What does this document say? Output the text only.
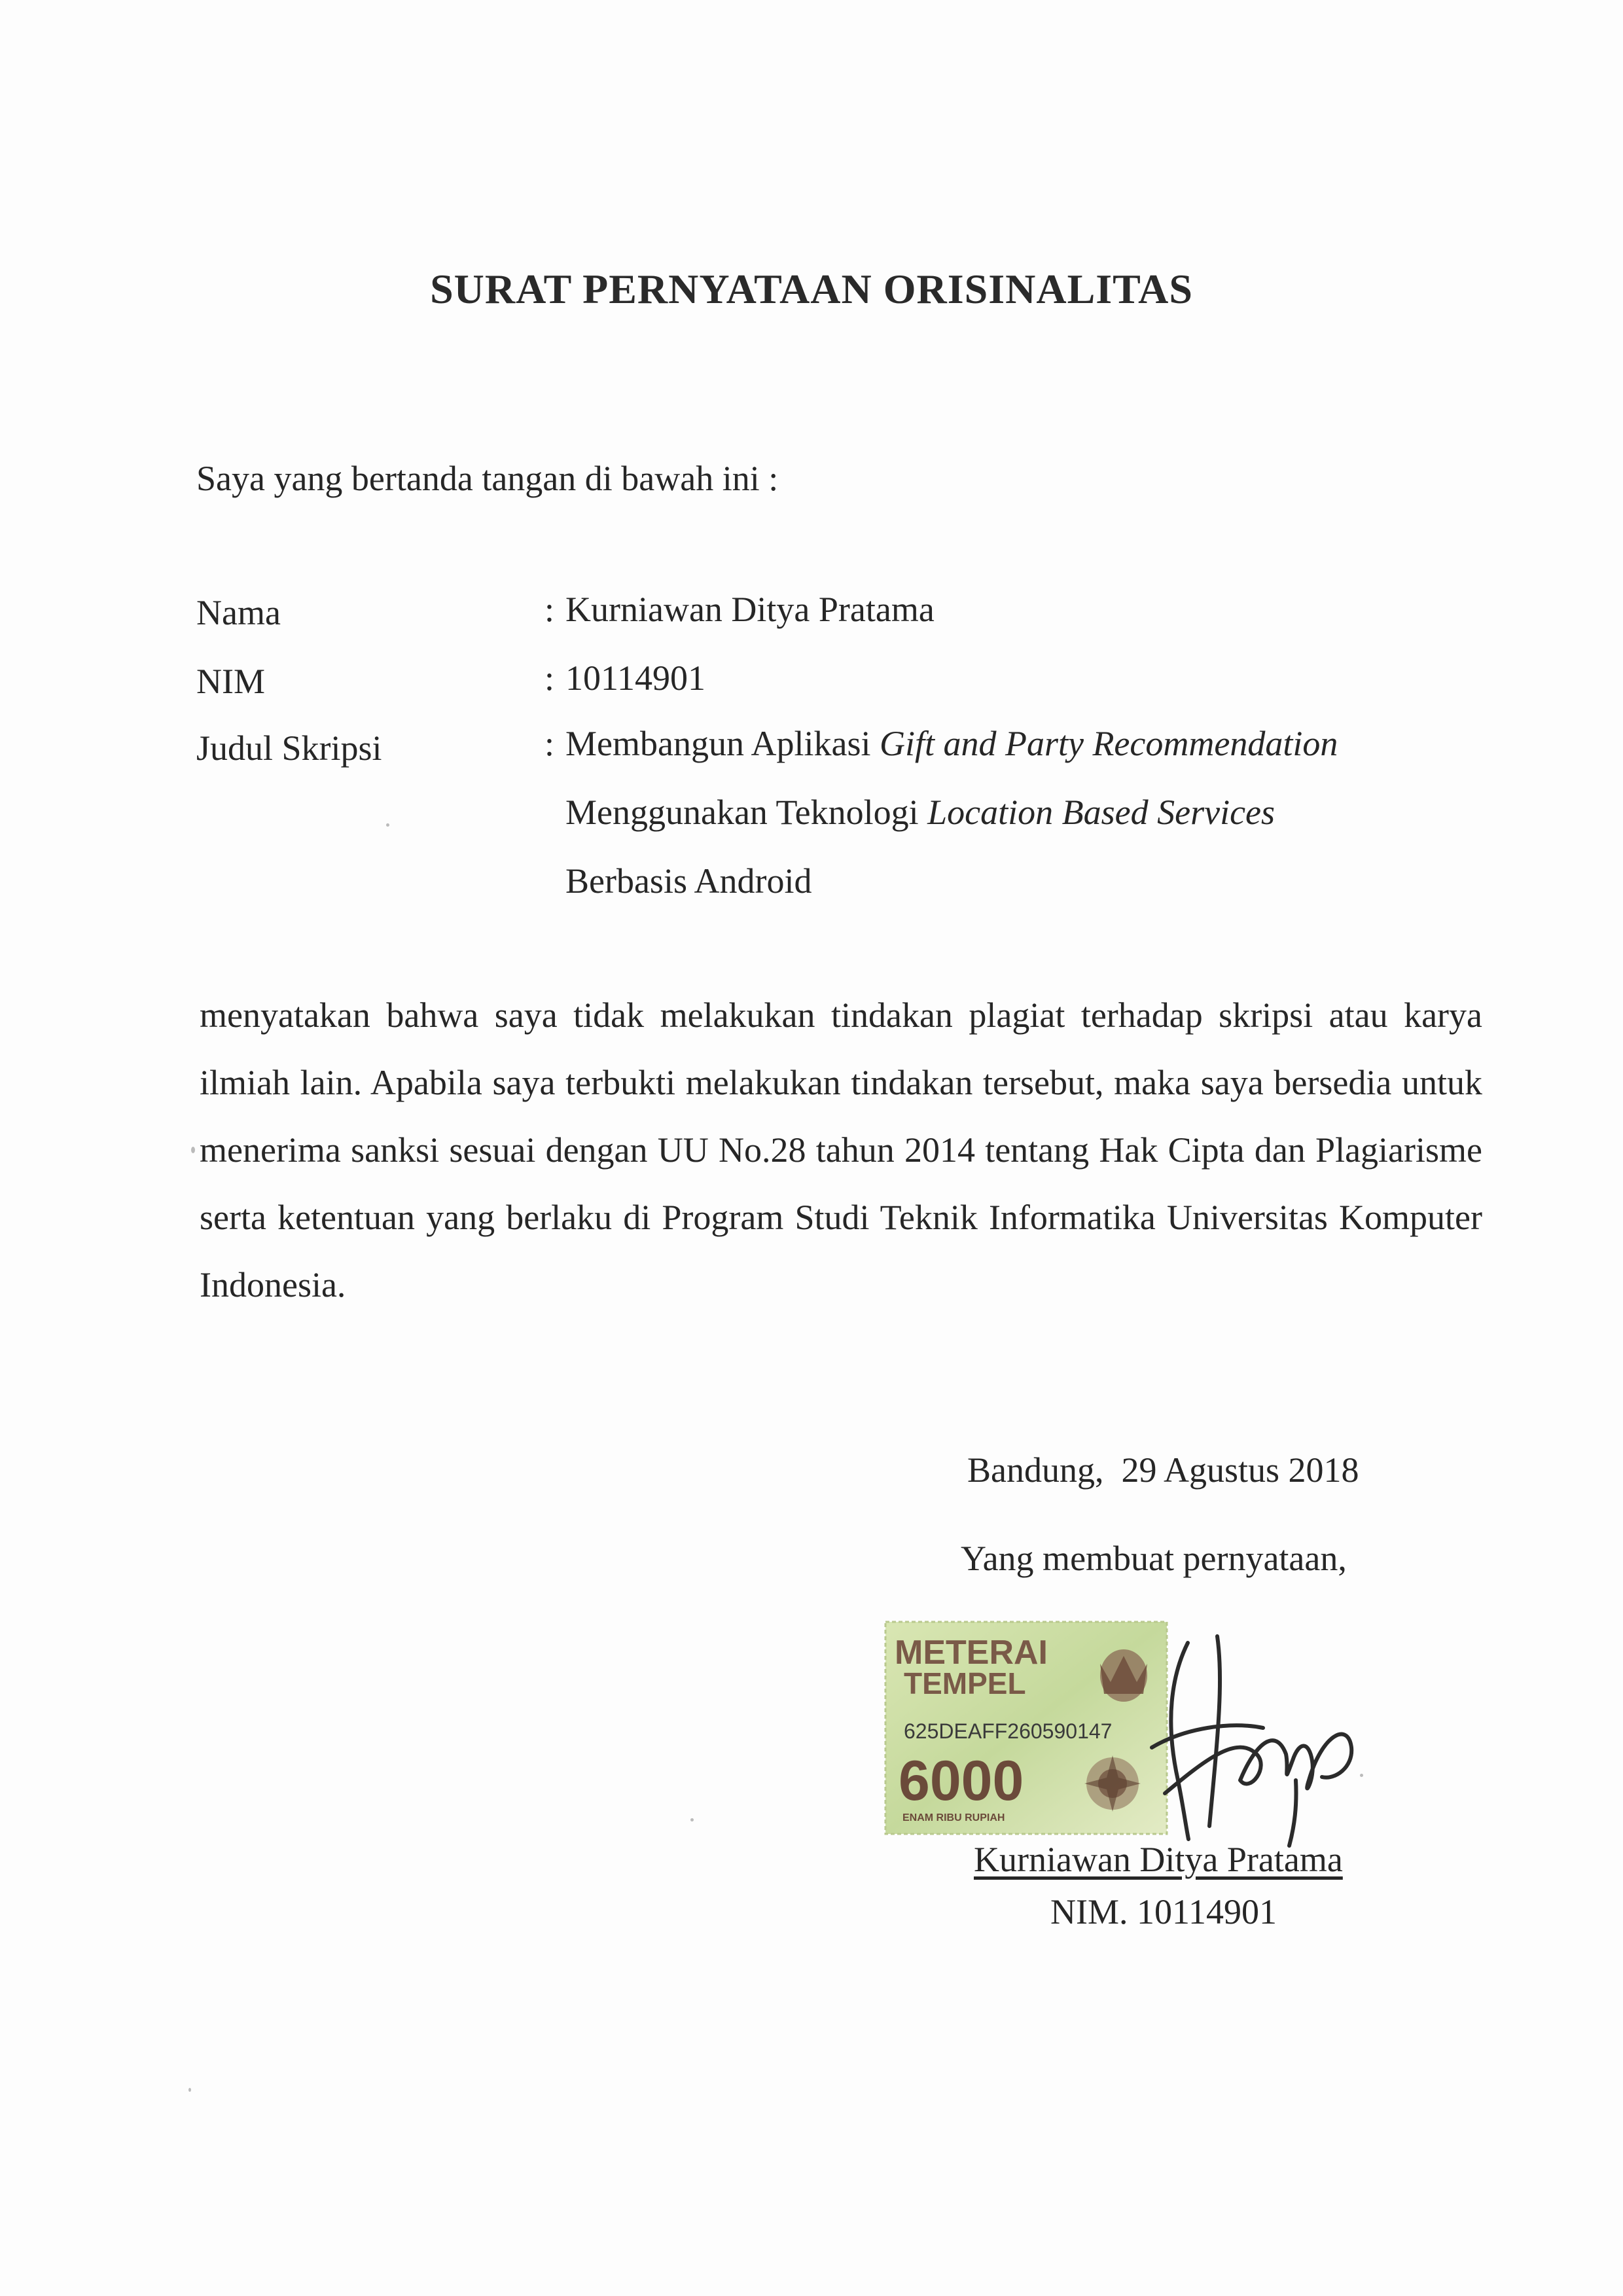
SURAT PERNYATAAN ORISINALITAS
Saya yang bertanda tangan di bawah ini :
Nama	: Kurniawan Ditya Pratama
NIM	: 10114901
Judul Skripsi	: Membangun Aplikasi Gift and Party Recommendation
Menggunakan Teknologi Location Based Services
Berbasis Android
menyatakan bahwa saya tidak melakukan tindakan plagiat terhadap skripsi atau karya ilmiah lain. Apabila saya terbukti melakukan tindakan tersebut, maka saya bersedia untuk menerima sanksi sesuai dengan UU No.28 tahun 2014 tentang Hak Cipta dan Plagiarisme serta ketentuan yang berlaku di Program Studi Teknik Informatika Universitas Komputer Indonesia.
Bandung,  29 Agustus 2018
Yang membuat pernyataan,
METERAI
TEMPEL
625DEAFF260590147
6000
ENAM RIBU RUPIAH
Kurniawan Ditya Pratama
NIM. 10114901
